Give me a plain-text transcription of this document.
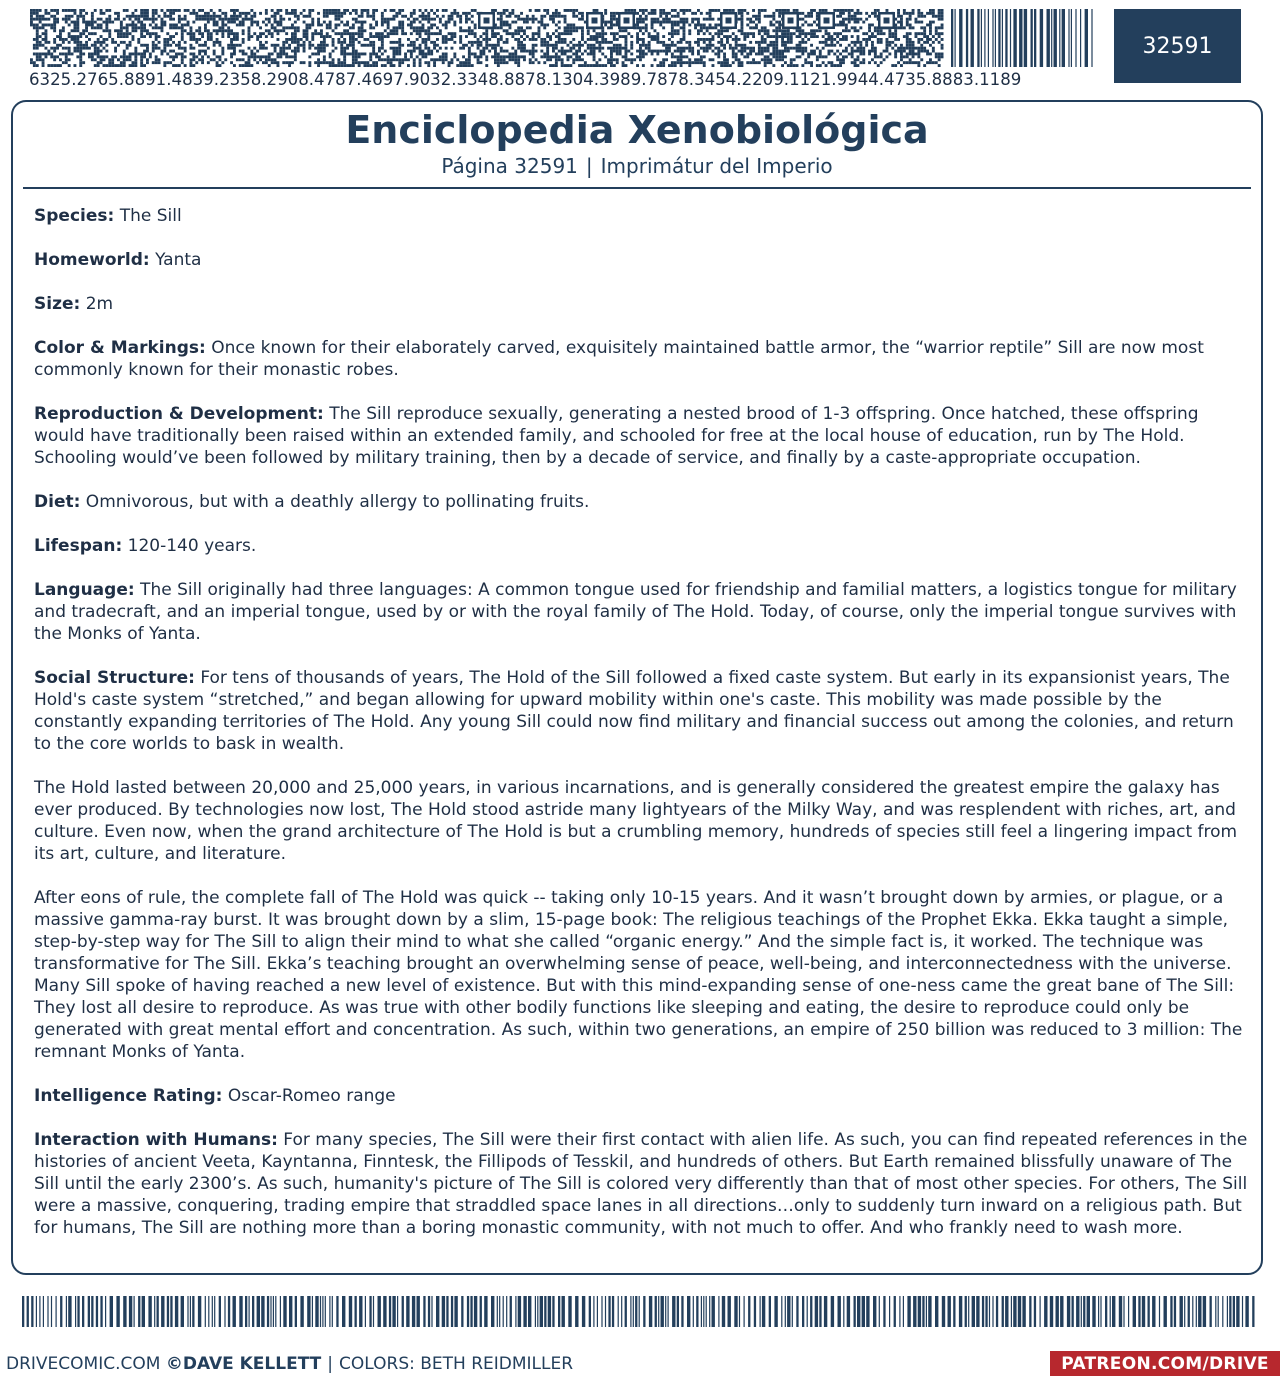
6325.2765.8891.4839.2358.2908.4787.4697.9032.3348.8878.1304.3989.7878.3454.2209.1121.9944.4735.8883.1189
32591
Enciclopedia Xenobiológica
Página 32591 | Imprimátur del Imperio

Species: The Sill

Homeworld: Yanta

Size: 2m

Color & Markings: Once known for their elaborately carved, exquisitely maintained battle armor, the “warrior reptile” Sill are now most commonly known for their monastic robes.

Reproduction & Development: The Sill reproduce sexually, generating a nested brood of 1-3 offspring. Once hatched, these offspring would have traditionally been raised within an extended family, and schooled for free at the local house of education, run by The Hold. Schooling would’ve been followed by military training, then by a decade of service, and finally by a caste-appropriate occupation.

Diet: Omnivorous, but with a deathly allergy to pollinating fruits.

Lifespan: 120-140 years.

Language: The Sill originally had three languages: A common tongue used for friendship and familial matters, a logistics tongue for military and tradecraft, and an imperial tongue, used by or with the royal family of The Hold. Today, of course, only the imperial tongue survives with the Monks of Yanta.

Social Structure: For tens of thousands of years, The Hold of the Sill followed a fixed caste system. But early in its expansionist years, The Hold's caste system “stretched,” and began allowing for upward mobility within one's caste. This mobility was made possible by the constantly expanding territories of The Hold. Any young Sill could now find military and financial success out among the colonies, and return to the core worlds to bask in wealth.

The Hold lasted between 20,000 and 25,000 years, in various incarnations, and is generally considered the greatest empire the galaxy has ever produced. By technologies now lost, The Hold stood astride many lightyears of the Milky Way, and was resplendent with riches, art, and culture. Even now, when the grand architecture of The Hold is but a crumbling memory, hundreds of species still feel a lingering impact from its art, culture, and literature.

After eons of rule, the complete fall of The Hold was quick -- taking only 10-15 years. And it wasn’t brought down by armies, or plague, or a massive gamma-ray burst. It was brought down by a slim, 15-page book: The religious teachings of the Prophet Ekka. Ekka taught a simple, step-by-step way for The Sill to align their mind to what she called “organic energy.” And the simple fact is, it worked. The technique was transformative for The Sill. Ekka’s teaching brought an overwhelming sense of peace, well-being, and interconnectedness with the universe. Many Sill spoke of having reached a new level of existence. But with this mind-expanding sense of one-ness came the great bane of The Sill: They lost all desire to reproduce. As was true with other bodily functions like sleeping and eating, the desire to reproduce could only be generated with great mental effort and concentration. As such, within two generations, an empire of 250 billion was reduced to 3 million: The remnant Monks of Yanta.

Intelligence Rating: Oscar-Romeo range

Interaction with Humans: For many species, The Sill were their first contact with alien life. As such, you can find repeated references in the histories of ancient Veeta, Kayntanna, Finntesk, the Fillipods of Tesskil, and hundreds of others. But Earth remained blissfully unaware of The Sill until the early 2300’s. As such, humanity's picture of The Sill is colored very differently than that of most other species. For others, The Sill were a massive, conquering, trading empire that straddled space lanes in all directions…only to suddenly turn inward on a religious path. But for humans, The Sill are nothing more than a boring monastic community, with not much to offer. And who frankly need to wash more.

DRIVECOMIC.COM ©DAVE KELLETT | COLORS: BETH REIDMILLER	PATREON.COM/DRIVE
